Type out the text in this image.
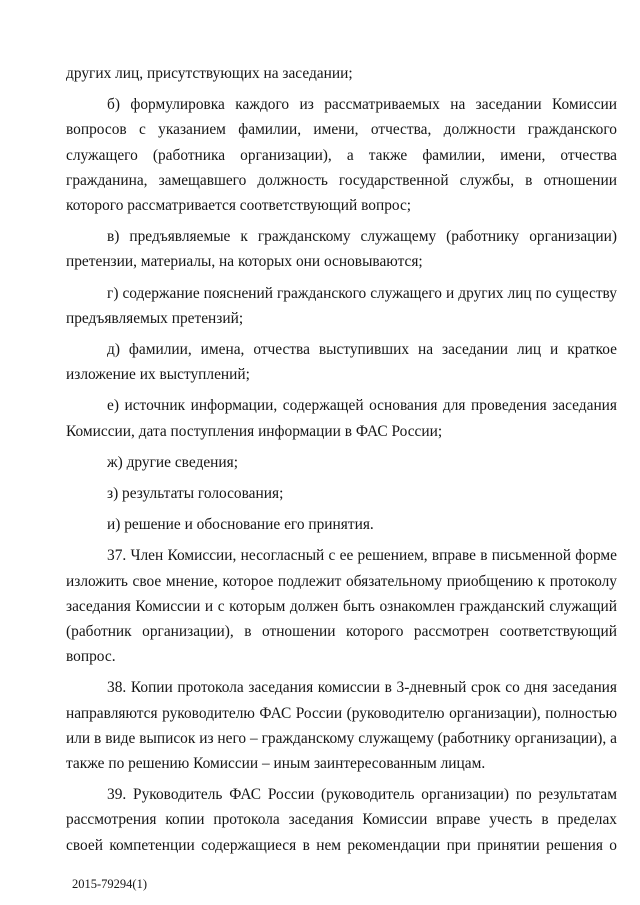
других лиц, присутствующих на заседании;

б) формулировка каждого из рассматриваемых на заседании Комиссии вопросов с указанием фамилии, имени, отчества, должности гражданского служащего (работника организации), а также фамилии, имени, отчества гражданина, замещавшего должность государственной службы, в отношении которого рассматривается соответствующий вопрос;

в) предъявляемые к гражданскому служащему (работнику организации) претензии, материалы, на которых они основываются;

г) содержание пояснений гражданского служащего и других лиц по существу предъявляемых претензий;

д) фамилии, имена, отчества выступивших на заседании лиц и краткое изложение их выступлений;

е) источник информации, содержащей основания для проведения заседания Комиссии, дата поступления информации в ФАС России;

ж) другие сведения;

з) результаты голосования;

и) решение и обоснование его принятия.

37. Член Комиссии, несогласный с ее решением, вправе в письменной форме изложить свое мнение, которое подлежит обязательному приобщению к протоколу заседания Комиссии и с которым должен быть ознакомлен гражданский служащий (работник организации), в отношении которого рассмотрен соответствующий вопрос.

38. Копии протокола заседания комиссии в 3-дневный срок со дня заседания направляются руководителю ФАС России (руководителю организации), полностью или в виде выписок из него – гражданскому служащему (работнику организации), а также по решению Комиссии – иным заинтересованным лицам.

39. Руководитель ФАС России (руководитель организации) по результатам рассмотрения копии протокола заседания Комиссии вправе учесть в пределах своей компетенции содержащиеся в нем рекомендации при принятии решения о

2015-79294(1)
